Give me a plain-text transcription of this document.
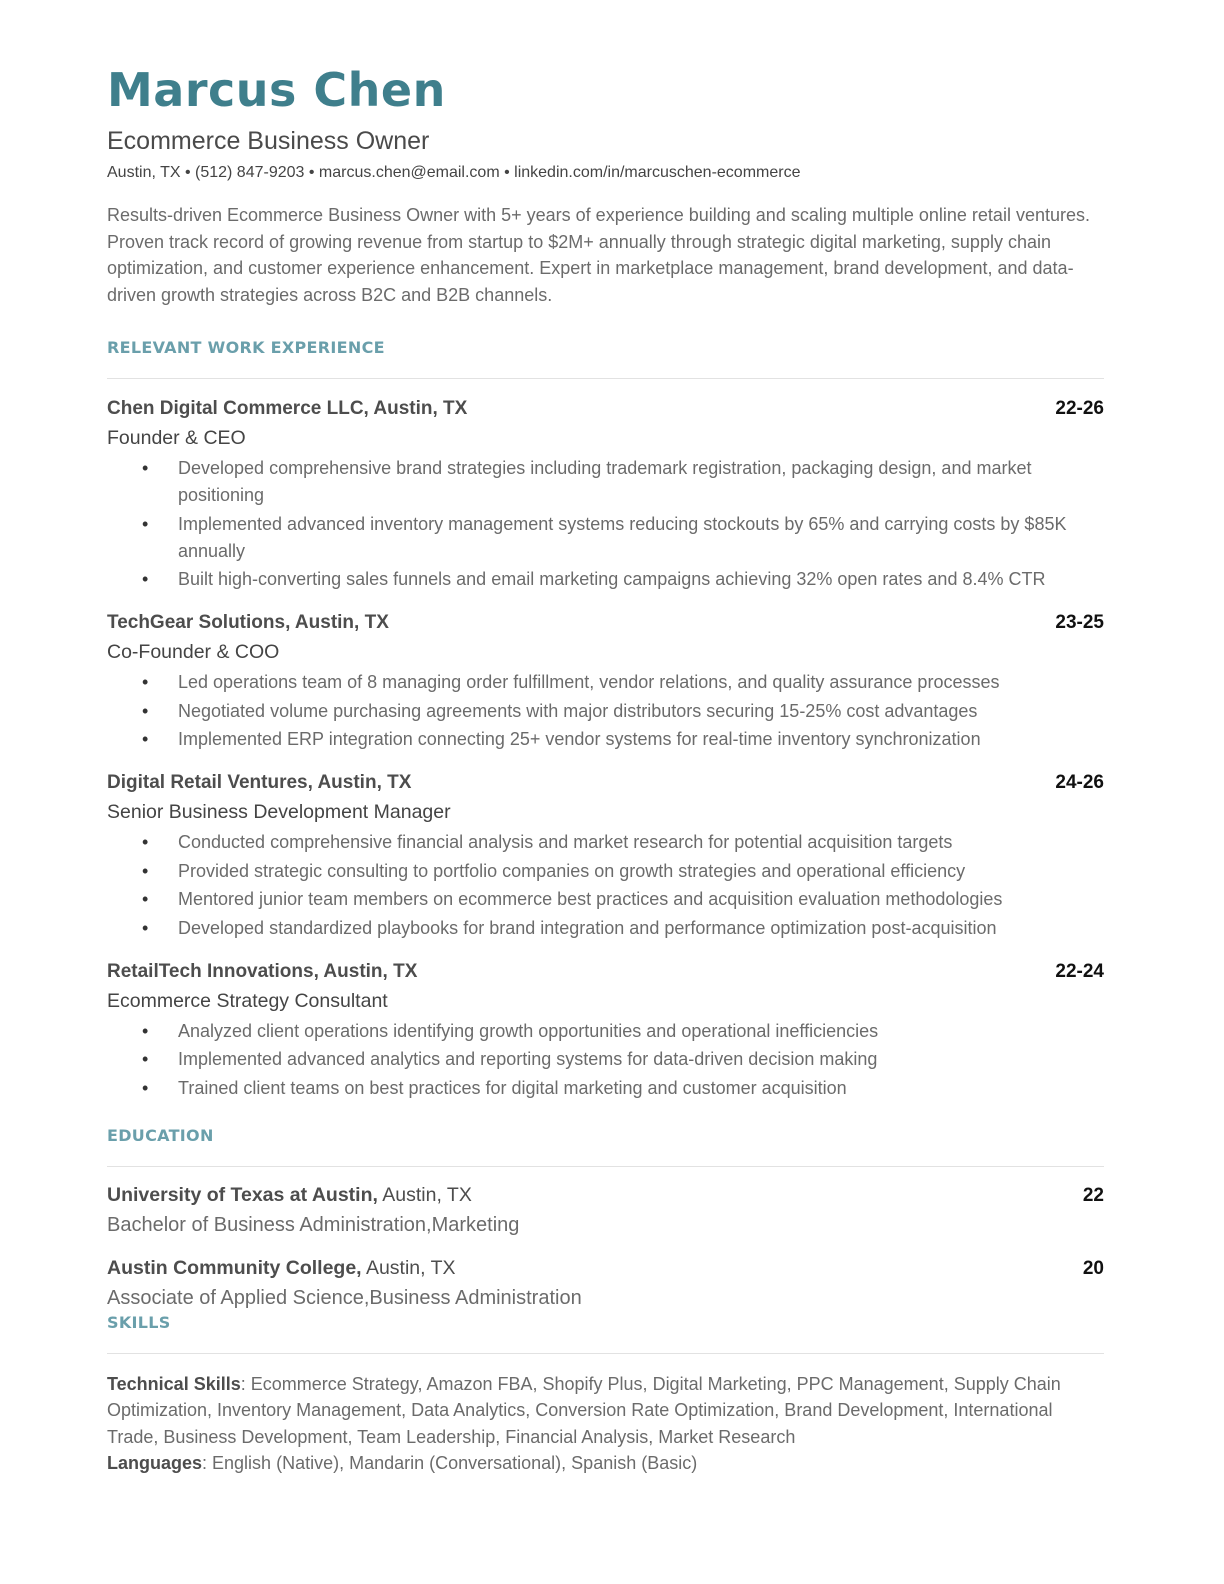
Marcus Chen
Ecommerce Business Owner
Austin, TX • (512) 847-9203 • marcus.chen@email.com • linkedin.com/in/marcuschen-ecommerce
Results-driven Ecommerce Business Owner with 5+ years of experience building and scaling multiple online retail ventures. Proven track record of growing revenue from startup to $2M+ annually through strategic digital marketing, supply chain optimization, and customer experience enhancement. Expert in marketplace management, brand development, and data-driven growth strategies across B2C and B2B channels.
RELEVANT WORK EXPERIENCE
Chen Digital Commerce LLC, Austin, TX	22-26
Founder & CEO
• Developed comprehensive brand strategies including trademark registration, packaging design, and market positioning
• Implemented advanced inventory management systems reducing stockouts by 65% and carrying costs by $85K annually
• Built high-converting sales funnels and email marketing campaigns achieving 32% open rates and 8.4% CTR
TechGear Solutions, Austin, TX	23-25
Co-Founder & COO
• Led operations team of 8 managing order fulfillment, vendor relations, and quality assurance processes
• Negotiated volume purchasing agreements with major distributors securing 15-25% cost advantages
• Implemented ERP integration connecting 25+ vendor systems for real-time inventory synchronization
Digital Retail Ventures, Austin, TX	24-26
Senior Business Development Manager
• Conducted comprehensive financial analysis and market research for potential acquisition targets
• Provided strategic consulting to portfolio companies on growth strategies and operational efficiency
• Mentored junior team members on ecommerce best practices and acquisition evaluation methodologies
• Developed standardized playbooks for brand integration and performance optimization post-acquisition
RetailTech Innovations, Austin, TX	22-24
Ecommerce Strategy Consultant
• Analyzed client operations identifying growth opportunities and operational inefficiencies
• Implemented advanced analytics and reporting systems for data-driven decision making
• Trained client teams on best practices for digital marketing and customer acquisition
EDUCATION
University of Texas at Austin, Austin, TX	22
Bachelor of Business Administration,Marketing
Austin Community College, Austin, TX	20
Associate of Applied Science,Business Administration
SKILLS
Technical Skills: Ecommerce Strategy, Amazon FBA, Shopify Plus, Digital Marketing, PPC Management, Supply Chain Optimization, Inventory Management, Data Analytics, Conversion Rate Optimization, Brand Development, International Trade, Business Development, Team Leadership, Financial Analysis, Market Research
Languages: English (Native), Mandarin (Conversational), Spanish (Basic)
